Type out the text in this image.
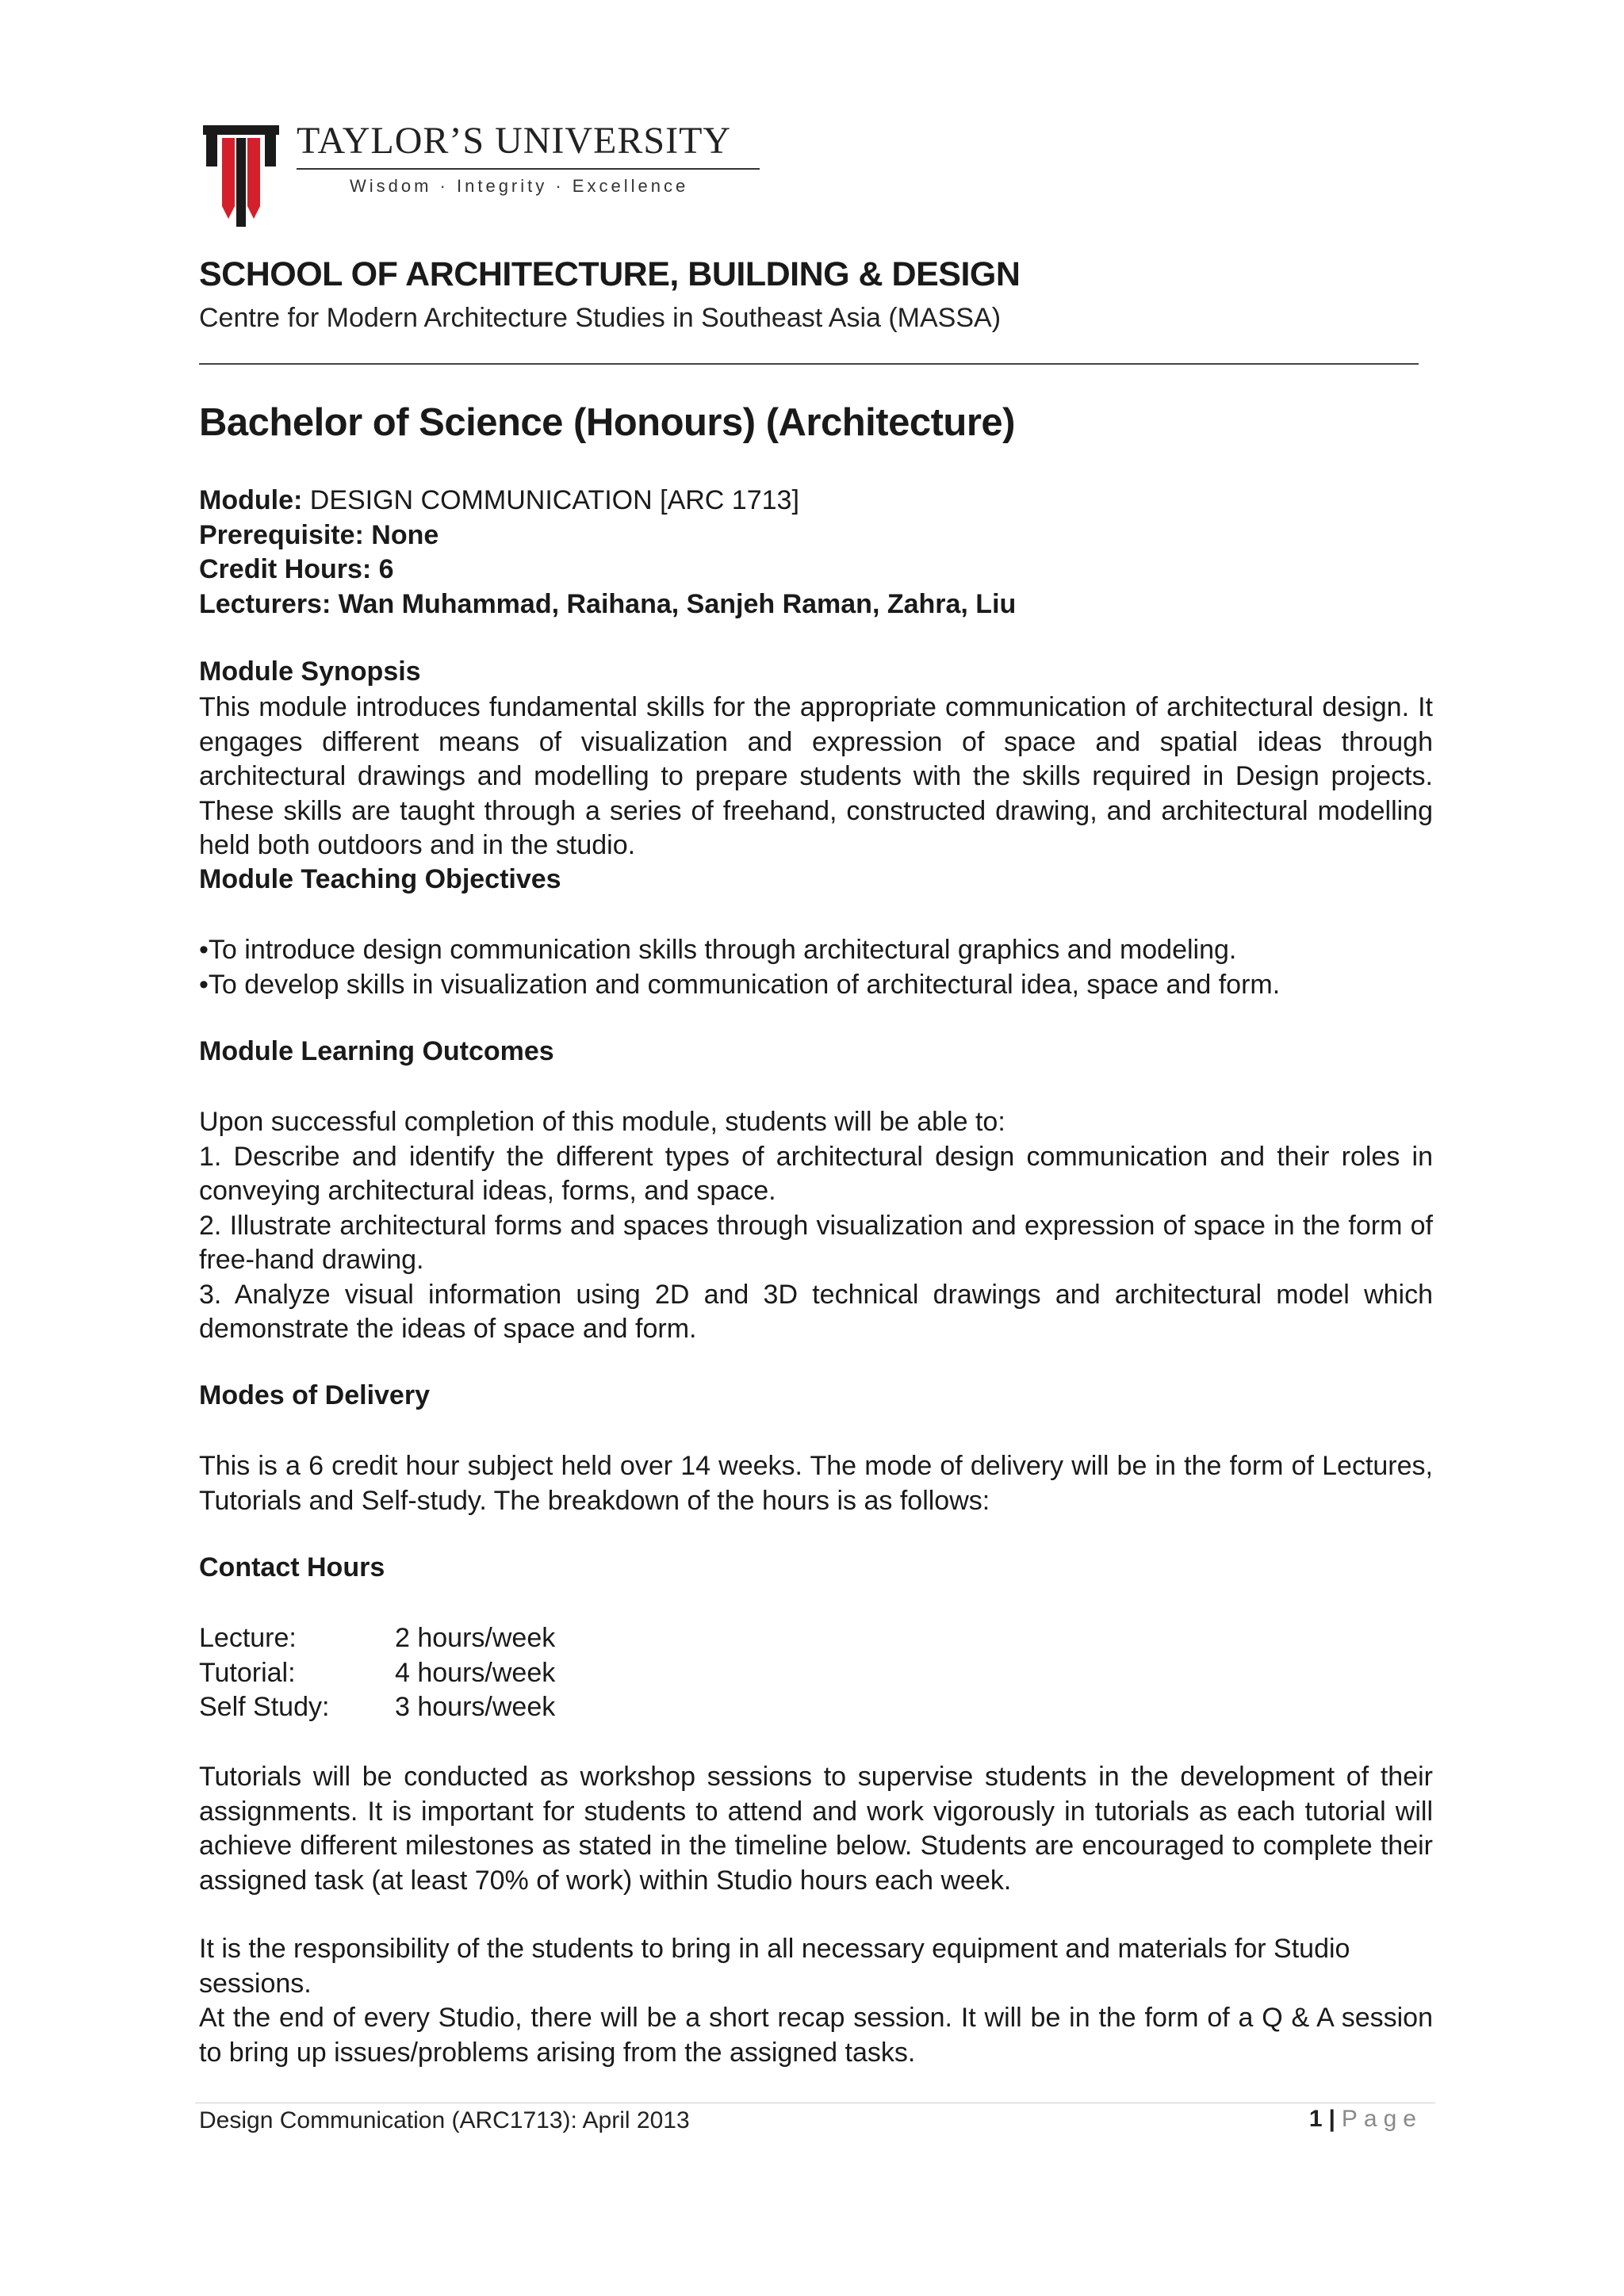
TAYLOR’S UNIVERSITY
Wisdom · Integrity · Excellence
SCHOOL OF ARCHITECTURE, BUILDING & DESIGN
Centre for Modern Architecture Studies in Southeast Asia (MASSA)
Bachelor of Science (Honours) (Architecture)
Module: DESIGN COMMUNICATION [ARC 1713]
Prerequisite: None
Credit Hours: 6
Lecturers: Wan Muhammad, Raihana, Sanjeh Raman, Zahra, Liu
Module Synopsis
This module introduces fundamental skills for the appropriate communication of architectural design. It engages different means of visualization and expression of space and spatial ideas through architectural drawings and modelling to prepare students with the skills required in Design projects. These skills are taught through a series of freehand, constructed drawing, and architectural modelling held both outdoors and in the studio.
Module Teaching Objectives
•To introduce design communication skills through architectural graphics and modeling.
•To develop skills in visualization and communication of architectural idea, space and form.
Module Learning Outcomes
Upon successful completion of this module, students will be able to:
1. Describe and identify the different types of architectural design communication and their roles in conveying architectural ideas, forms, and space.
2. Illustrate architectural forms and spaces through visualization and expression of space in the form of free-hand drawing.
3. Analyze visual information using 2D and 3D technical drawings and architectural model which demonstrate the ideas of space and form.
Modes of Delivery
This is a 6 credit hour subject held over 14 weeks. The mode of delivery will be in the form of Lectures, Tutorials and Self-study. The breakdown of the hours is as follows:
Contact Hours
Lecture:	2 hours/week
Tutorial:	4 hours/week
Self Study:	3 hours/week
Tutorials will be conducted as workshop sessions to supervise students in the development of their assignments. It is important for students to attend and work vigorously in tutorials as each tutorial will achieve different milestones as stated in the timeline below. Students are encouraged to complete their assigned task (at least 70% of work) within Studio hours each week.
It is the responsibility of the students to bring in all necessary equipment and materials for Studio sessions.
At the end of every Studio, there will be a short recap session. It will be in the form of a Q & A session to bring up issues/problems arising from the assigned tasks.
Design Communication (ARC1713): April 2013	1 | Page
